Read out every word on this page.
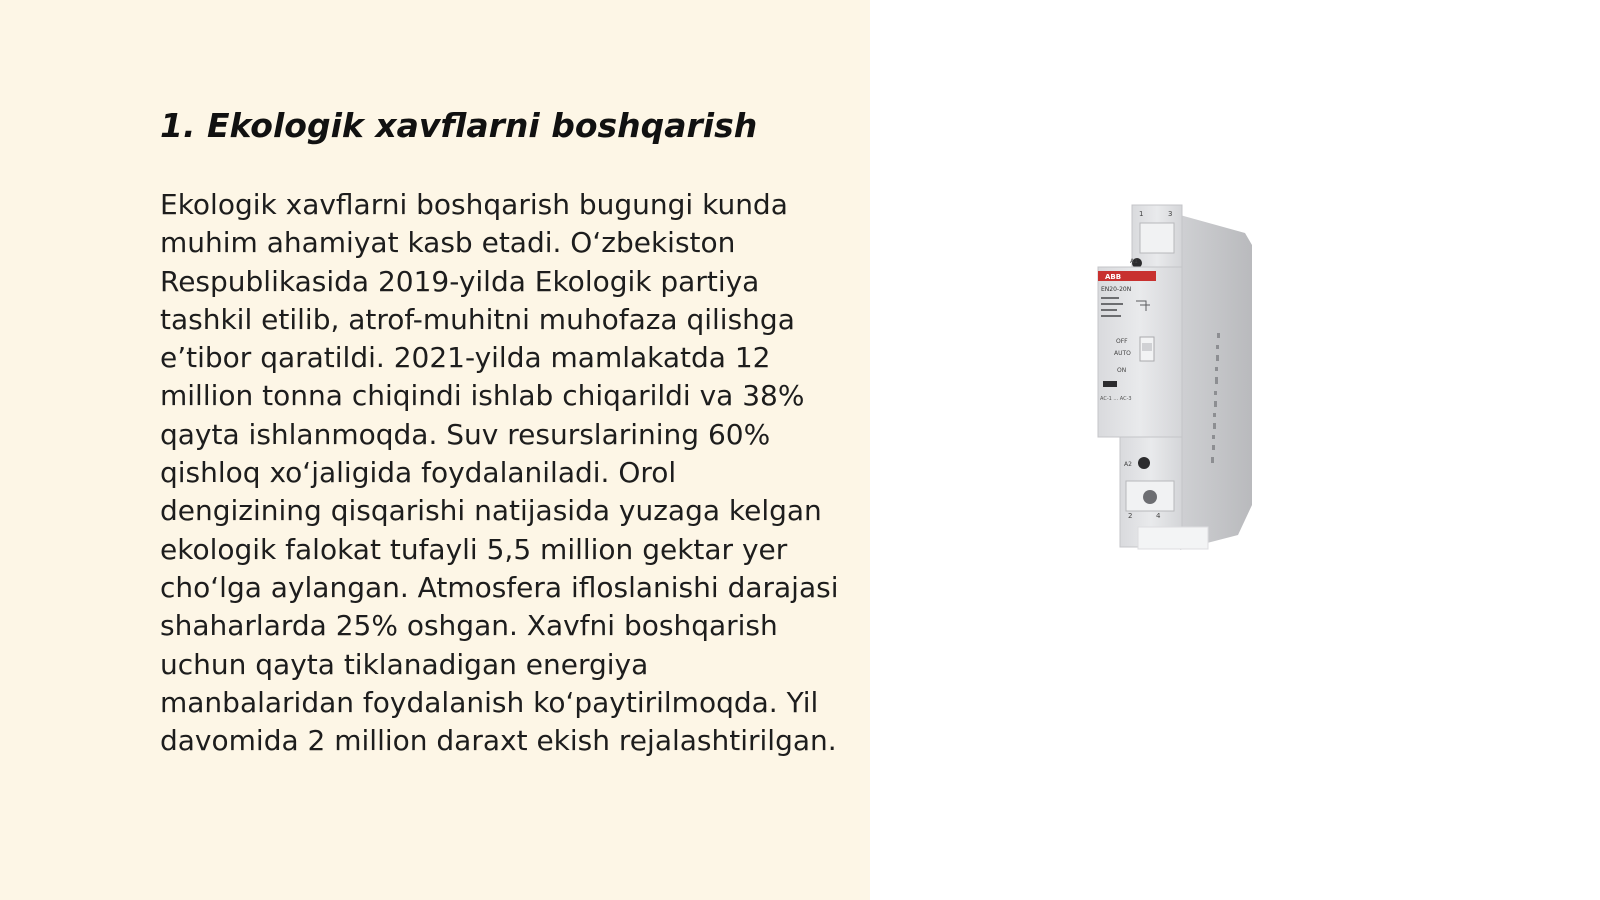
1. Ekologik xavflarni boshqarish

Ekologik xavflarni boshqarish bugungi kunda muhim ahamiyat kasb etadi. O‘zbekiston Respublikasida 2019-yilda Ekologik partiya tashkil etilib, atrof-muhitni muhofaza qilishga e’tibor qaratildi. 2021-yilda mamlakatda 12 million tonna chiqindi ishlab chiqarildi va 38% qayta ishlanmoqda. Suv resurslarining 60% qishloq xo‘jaligida foydalaniladi. Orol dengizining qisqarishi natijasida yuzaga kelgan ekologik falokat tufayli 5,5 million gektar yer cho‘lga aylangan. Atmosfera ifloslanishi darajasi shaharlarda 25% oshgan. Xavfni boshqarish uchun qayta tiklanadigan energiya manbalaridan foydalanish ko‘paytirilmoqda. Yil davomida 2 million daraxt ekish rejalashtirilgan.

1	3
A1
ABB
EN20-20N
OFF
AUTO
ON
AC-1 ... AC-3
A2
2	4
